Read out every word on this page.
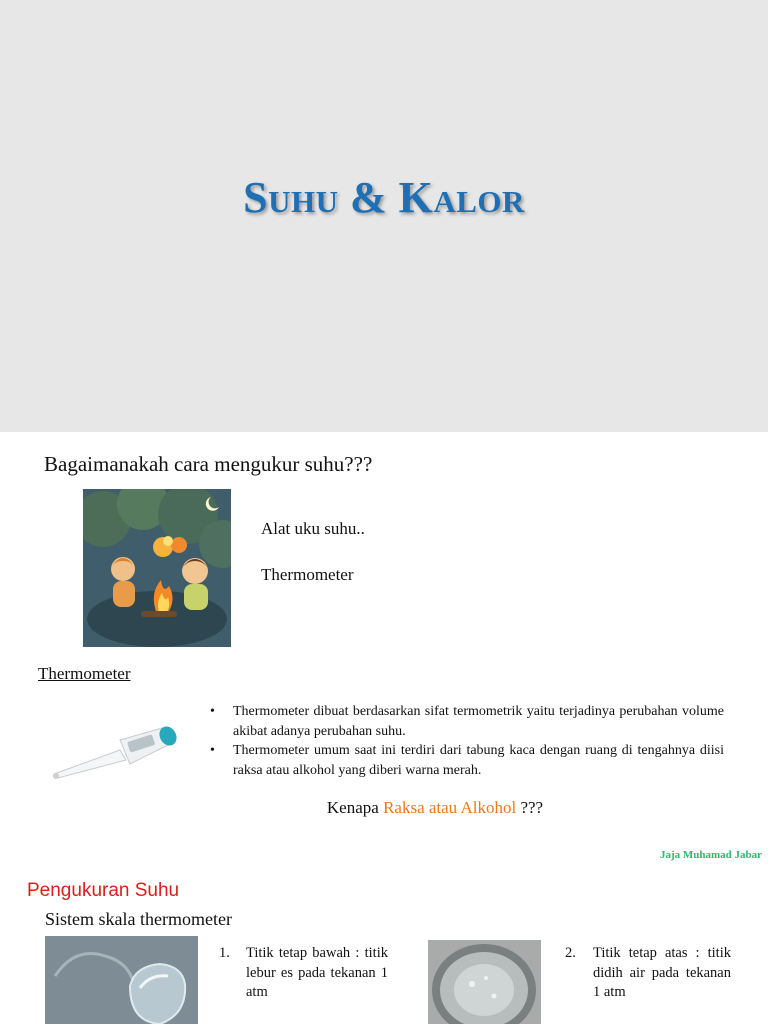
Suhu & Kalor
Bagaimanakah cara mengukur suhu???
Alat uku suhu..
Thermometer
Thermometer
• Thermometer dibuat berdasarkan sifat termometrik yaitu terjadinya perubahan volume akibat adanya perubahan suhu.
• Thermometer umum saat ini terdiri dari tabung kaca dengan ruang di tengahnya diisi raksa atau alkohol yang diberi warna merah.
Kenapa Raksa atau Alkohol ???
Jaja Muhamad Jabar
Pengukuran Suhu
Sistem skala thermometer
1. Titik tetap bawah : titik lebur es pada tekanan 1 atm
2. Titik tetap atas : titik didih air pada tekanan 1 atm
